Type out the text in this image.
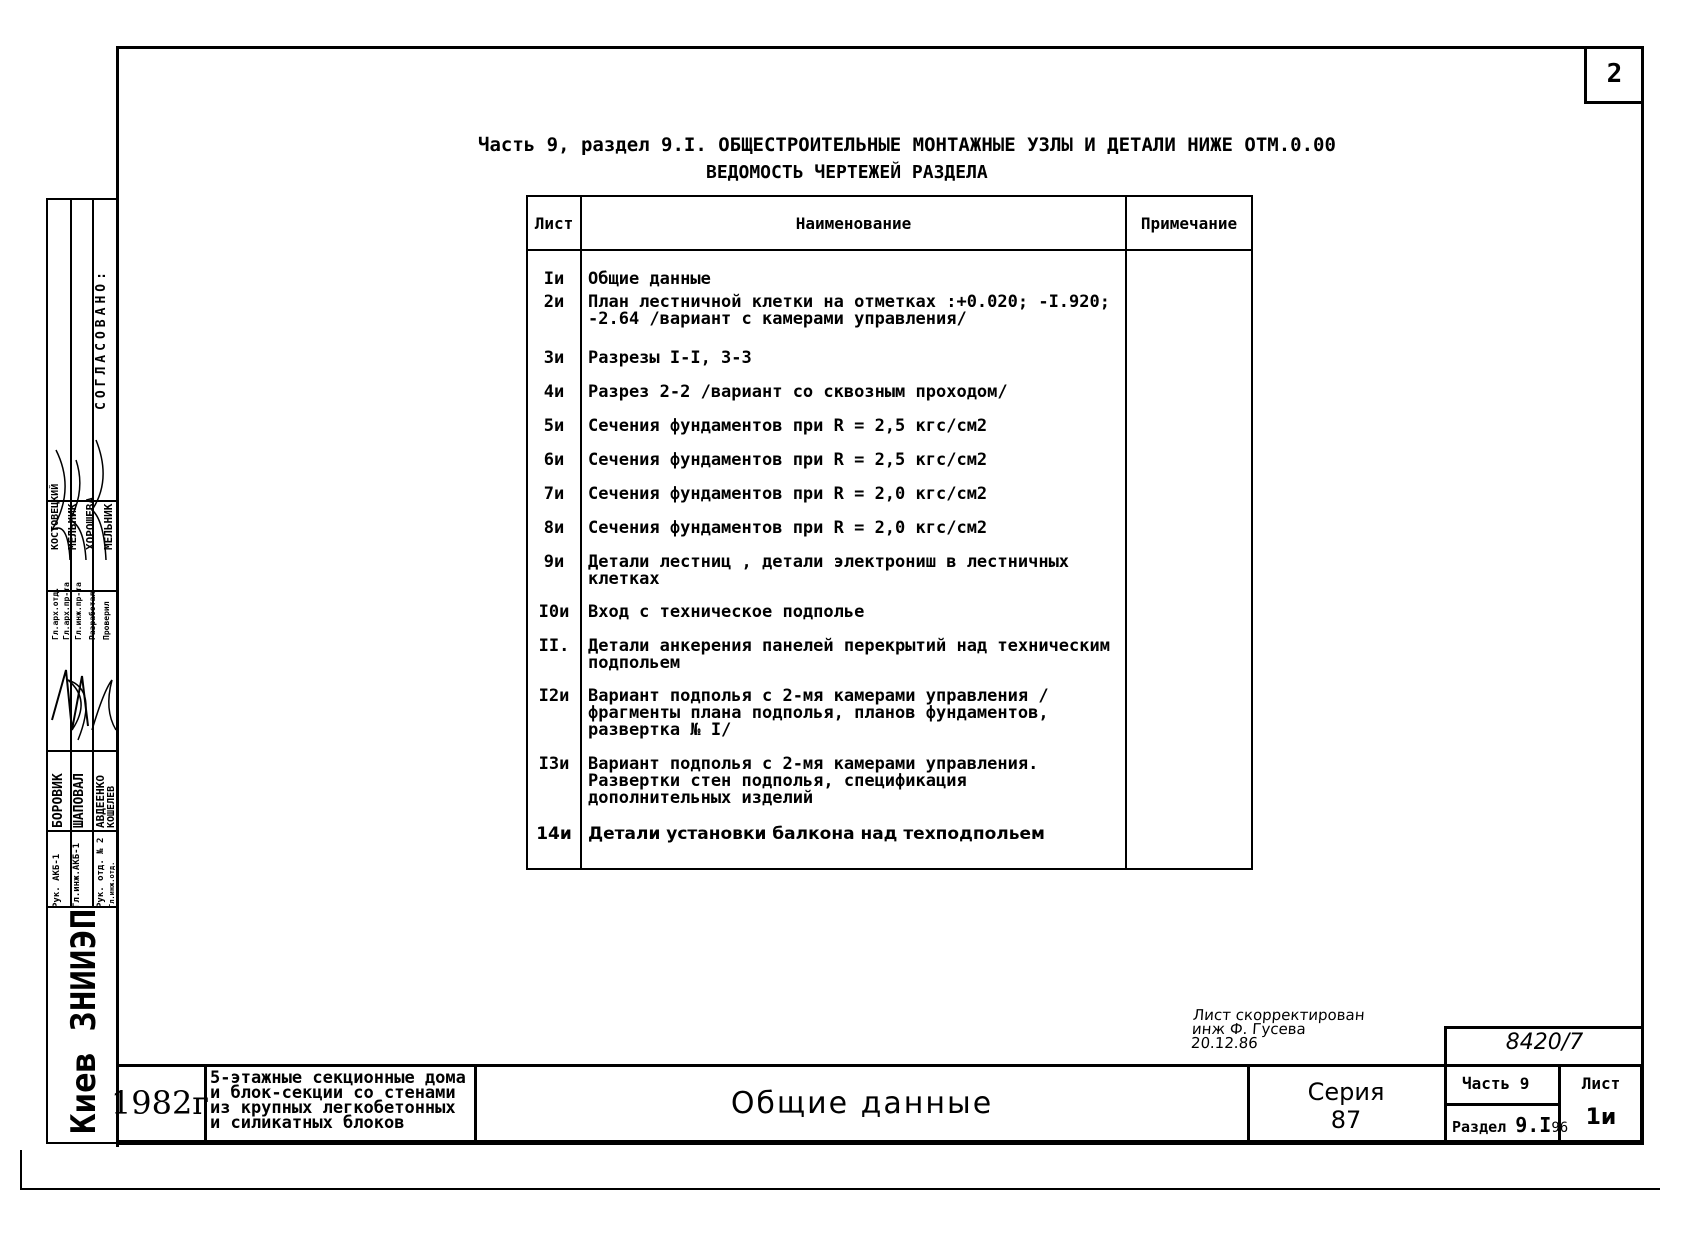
2
Часть 9, раздел 9.I. ОБЩЕСТРОИТЕЛЬНЫЕ МОНТАЖНЫЕ УЗЛЫ И ДЕТАЛИ НИЖЕ ОТМ.0.00
ВЕДОМОСТЬ ЧЕРТЕЖЕЙ РАЗДЕЛА
Лист	Наименование	Примечание
Iи	Общие данные	
2и	План лестничной клетки на отметках :+0.020; -I.920; -2.64 /вариант с камерами управления/	
3и	Разрезы I-I, 3-3	
4и	Разрез 2-2 /вариант со сквозным проходом/	
5и	Сечения фундаментов при R = 2,5 кгс/см2	
6и	Сечения фундаментов при R = 2,5 кгс/см2	
7и	Сечения фундаментов при R = 2,0 кгс/см2	
8и	Сечения фундаментов при R = 2,0 кгс/см2	
9и	Детали лестниц , детали электрониш в лестничных клетках	
I0и	Вход с техническое подполье	
II.	Детали анкерения панелей перекрытий над техническим подпольем	
I2и	Вариант подполья с 2-мя камерами управления /фрагменты плана подполья, планов фундаментов, развертка № I/	
I3и	Вариант подполья с 2-мя камерами управления. Развертки стен подполья, спецификация дополнительных изделий	
14и	Детали установки балкона над техподпольем	
СОГЛАСОВАНО:
Рук. АКБ-1 Гл.инж.АКБ-1 Рук. отд. № 2 Гл.инж.отд.
БОРОВИК ШАПОВАЛ АВДЕЕНКО КОШЕЛЕВ
Гл.арх.отд. Гл.арх.пр-та Гл.инж.пр-та Разработал Проверил
КОСТОВЕЦКИЙ МЕЛЬНИК ХОРОШЕВА МЕЛЬНИК
Киев ЗНИИЭП	Лист скорректирован
инж Ф. Гусева
20.12.86
1982г
5-этажные секционные дома
и блок-секции со стенами
из крупных легкобетонных
и силикатных блоков
Общие данные	Серия
87
8420/7
Часть 9
Раздел 9.I96
Лист
1и
